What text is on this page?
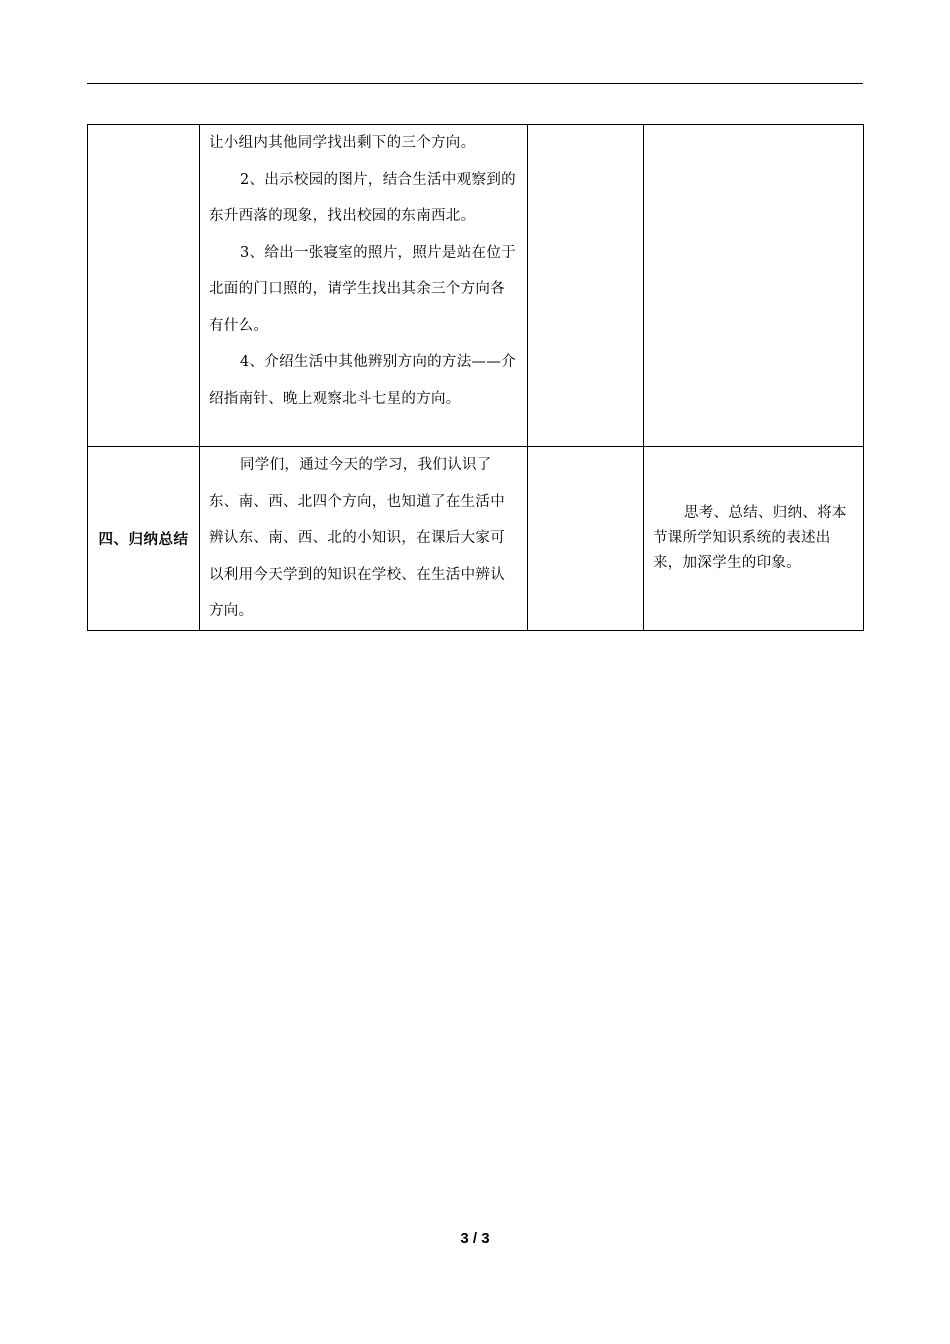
	让小组内其他同学找出剩下的三个方向。

2、出示校园的图片，结合生活中观察到的东升西落的现象，找出校园的东南西北。

3、给出一张寝室的照片，照片是站在位于北面的门口照的，请学生找出其余三个方向各有什么。

4、介绍生活中其他辨别方向的方法——介绍指南针、晚上观察北斗七星的方向。		

四、归纳总结	同学们，通过今天的学习，我们认识了东、南、西、北四个方向，也知道了在生活中辨认东、南、西、北的小知识，在课后大家可以利用今天学到的知识在学校、在生活中辨认方向。		思考、总结、归纳、将本节课所学知识系统的表述出来，加深学生的印象。
3 / 3
